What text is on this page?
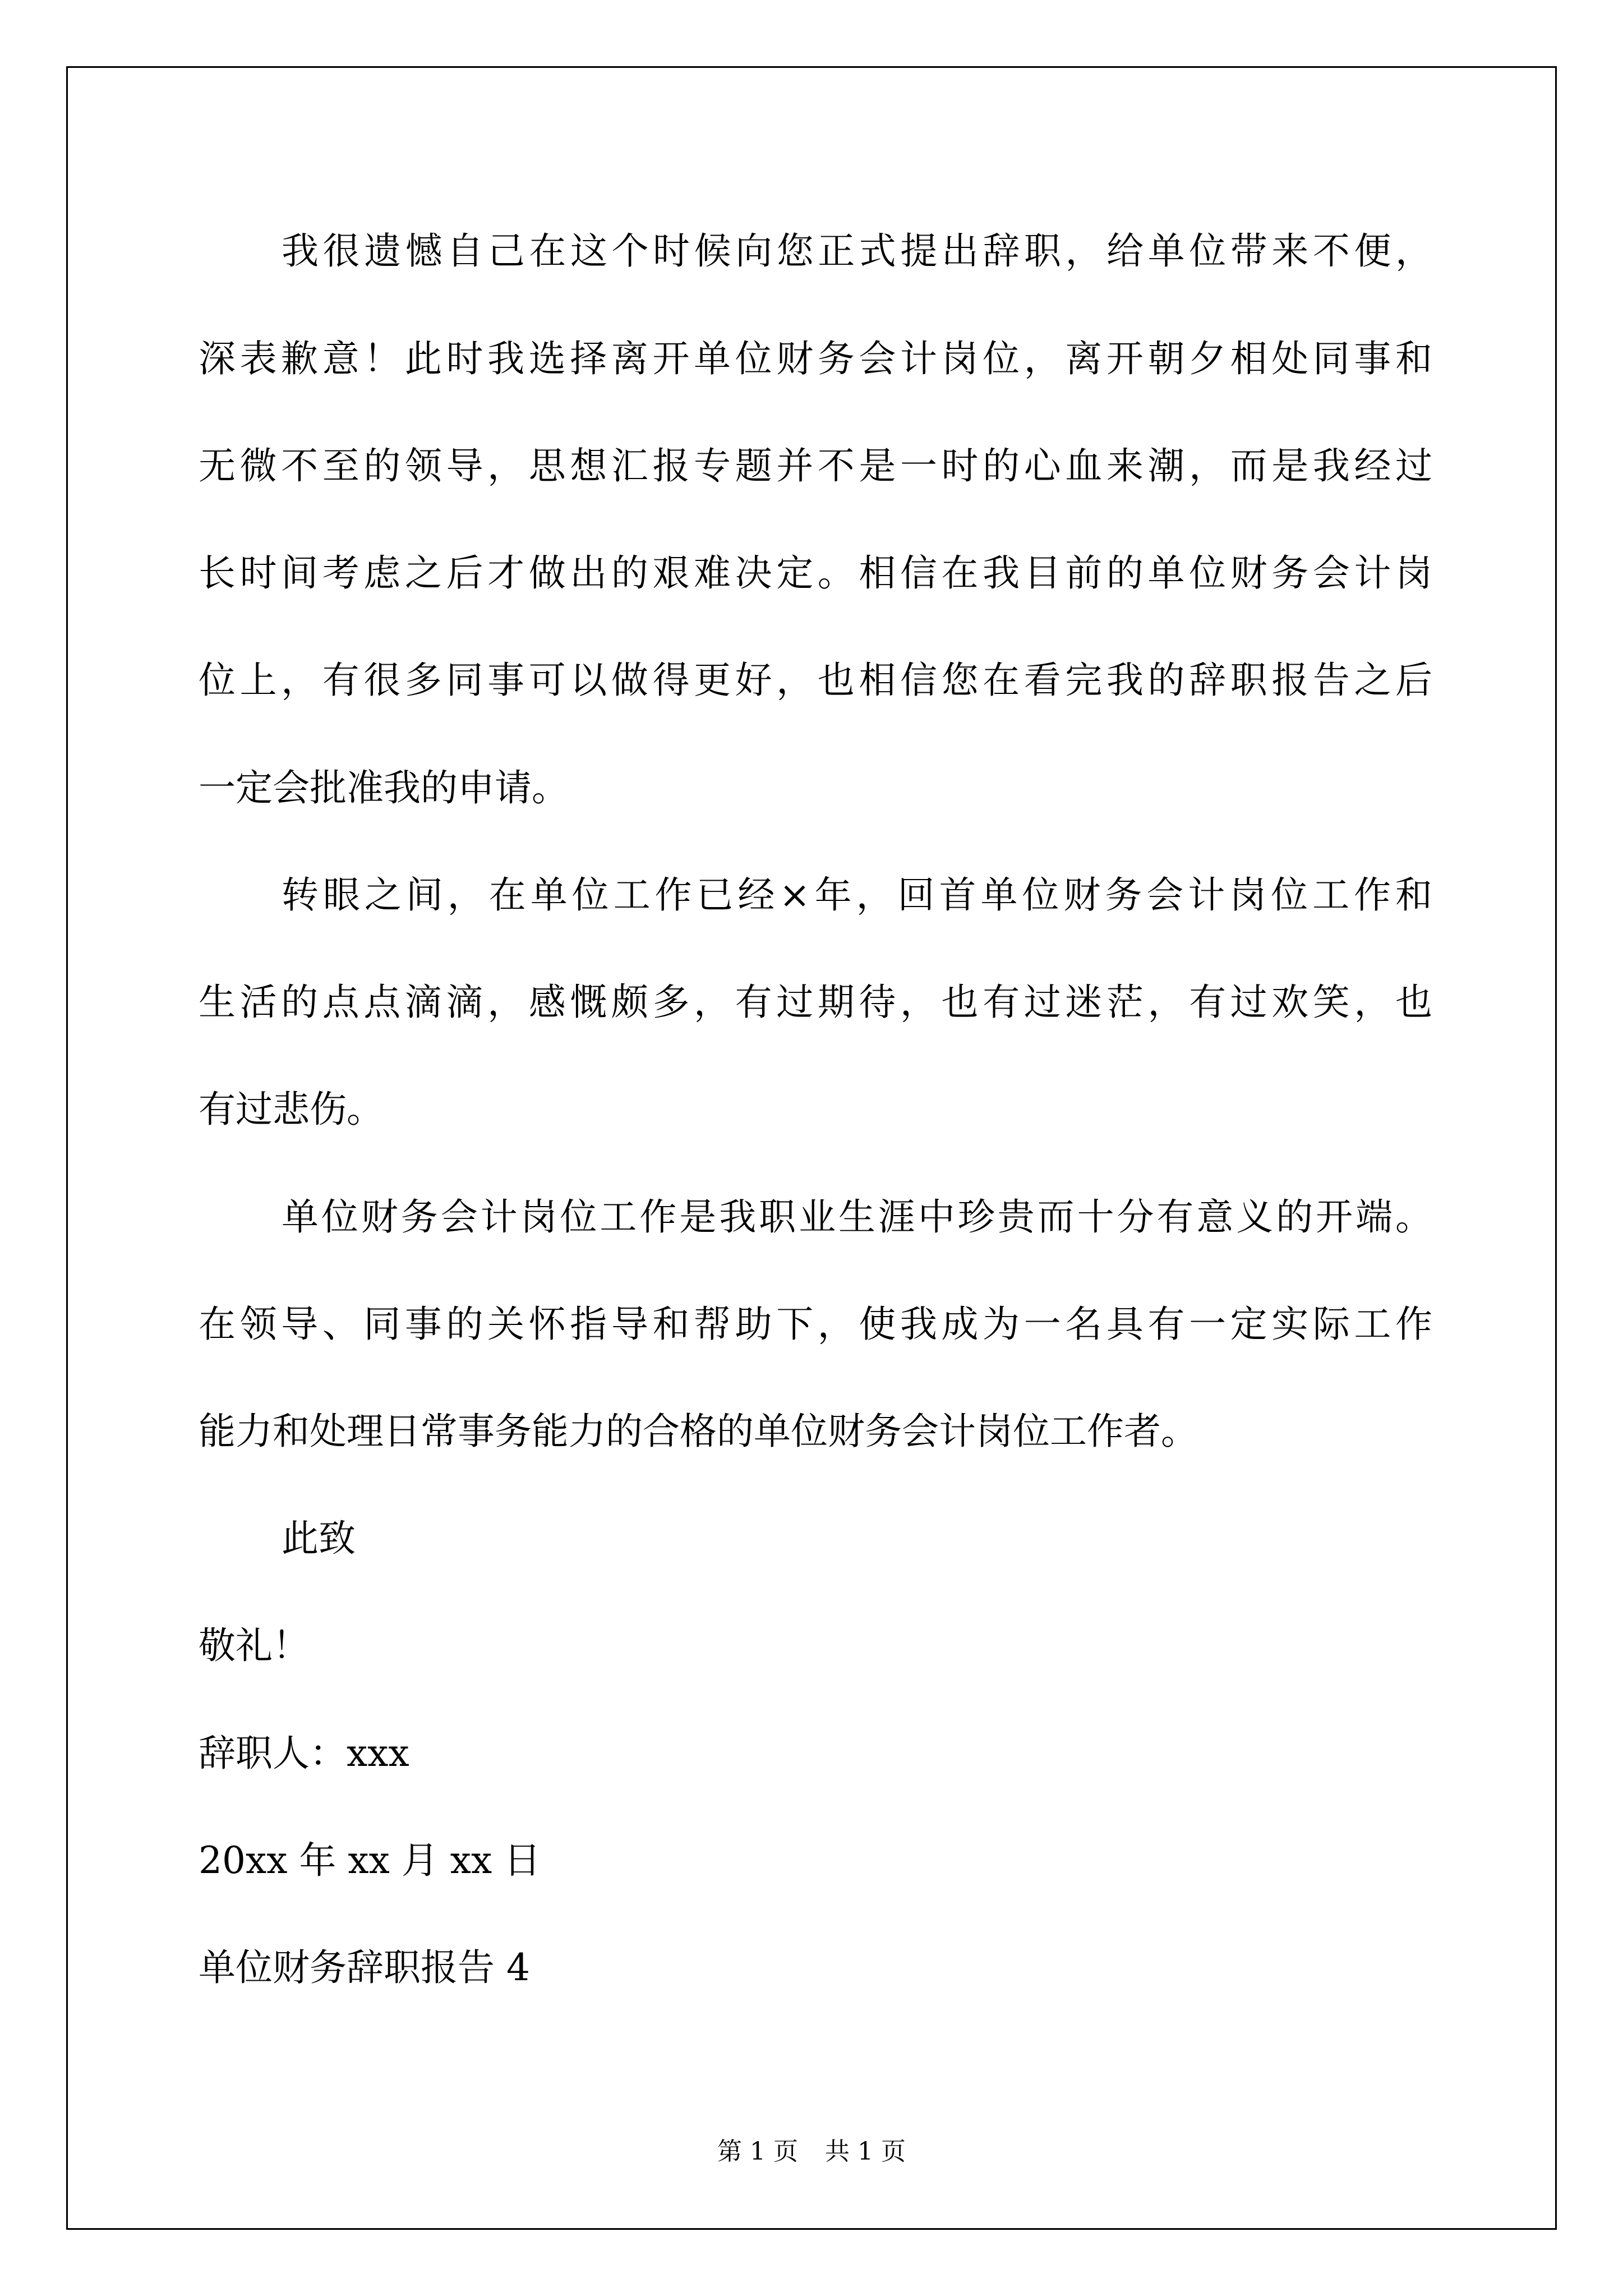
我很遗憾自己在这个时候向您正式提出辞职，给单位带来不便，
深表歉意！此时我选择离开单位财务会计岗位，离开朝夕相处同事和
无微不至的领导，思想汇报专题并不是一时的心血来潮，而是我经过
长时间考虑之后才做出的艰难决定。相信在我目前的单位财务会计岗
位上，有很多同事可以做得更好，也相信您在看完我的辞职报告之后
一定会批准我的申请。
转眼之间，在单位工作已经×年，回首单位财务会计岗位工作和
生活的点点滴滴，感慨颇多，有过期待，也有过迷茫，有过欢笑，也
有过悲伤。
单位财务会计岗位工作是我职业生涯中珍贵而十分有意义的开端。
在领导、同事的关怀指导和帮助下，使我成为一名具有一定实际工作
能力和处理日常事务能力的合格的单位财务会计岗位工作者。
此致
敬礼！
辞职人：xxx
20xx 年 xx 月 xx 日
单位财务辞职报告 4
第 1 页 共 1 页
